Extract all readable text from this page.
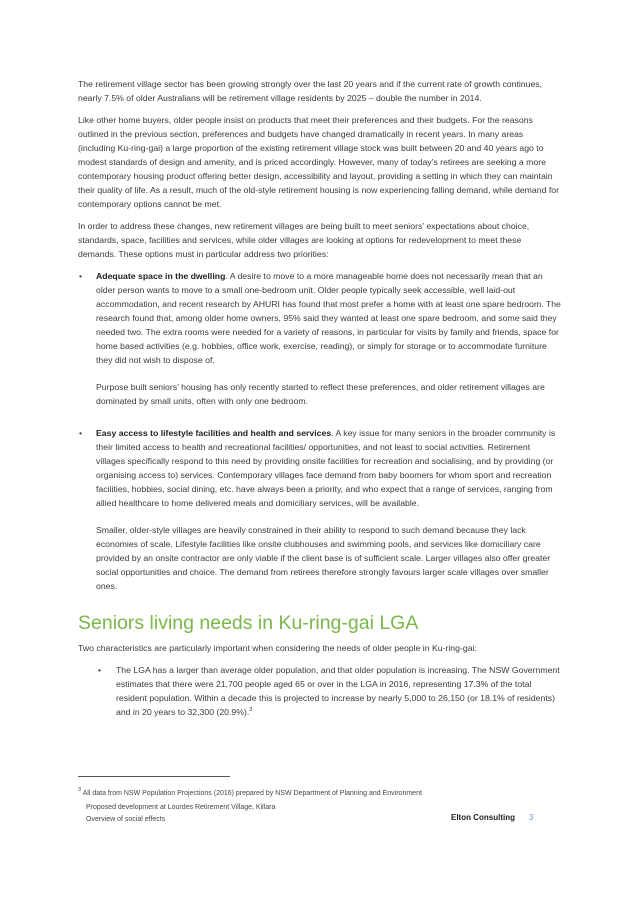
The retirement village sector has been growing strongly over the last 20 years and if the current rate of growth continues, nearly 7.5% of older Australians will be retirement village residents by 2025 – double the number in 2014.

Like other home buyers, older people insist on products that meet their preferences and their budgets. For the reasons outlined in the previous section, preferences and budgets have changed dramatically in recent years. In many areas (including Ku-ring-gai) a large proportion of the existing retirement village stock was built between 20 and 40 years ago to modest standards of design and amenity, and is priced accordingly. However, many of today’s retirees are seeking a more contemporary housing product offering better design, accessibility and layout, providing a setting in which they can maintain their quality of life. As a result, much of the old-style retirement housing is now experiencing falling demand, while demand for contemporary options cannot be met.

In order to address these changes, new retirement villages are being built to meet seniors’ expectations about choice, standards, space, facilities and services, while older villages are looking at options for redevelopment to meet these demands. These options must in particular address two priorities:

• Adequate space in the dwelling. A desire to move to a more manageable home does not necessarily mean that an older person wants to move to a small one-bedroom unit. Older people typically seek accessible, well laid-out accommodation, and recent research by AHURI has found that most prefer a home with at least one spare bedroom. The research found that, among older home owners, 95% said they wanted at least one spare bedroom, and some said they needed two. The extra rooms were needed for a variety of reasons, in particular for visits by family and friends, space for home based activities (e.g. hobbies, office work, exercise, reading), or simply for storage or to accommodate furniture they did not wish to dispose of.

Purpose built seniors’ housing has only recently started to reflect these preferences, and older retirement villages are dominated by small units, often with only one bedroom.

• Easy access to lifestyle facilities and health and services. A key issue for many seniors in the broader community is their limited access to health and recreational facilities/ opportunities, and not least to social activities. Retirement villages specifically respond to this need by providing onsite facilities for recreation and socialising, and by providing (or organising access to) services. Contemporary villages face demand from baby boomers for whom sport and recreation facilities, hobbies, social dining, etc. have always been a priority, and who expect that a range of services, ranging from allied healthcare to home delivered meals and domiciliary services, will be available.

Smaller, older-style villages are heavily constrained in their ability to respond to such demand because they lack economies of scale. Lifestyle facilities like onsite clubhouses and swimming pools, and services like domiciliary care provided by an onsite contractor are only viable if the client base is of sufficient scale. Larger villages also offer greater social opportunities and choice. The demand from retirees therefore strongly favours larger scale villages over smaller ones.

Seniors living needs in Ku-ring-gai LGA

Two characteristics are particularly important when considering the needs of older people in Ku-ring-gai:

• The LGA has a larger than average older population, and that older population is increasing. The NSW Government estimates that there were 21,700 people aged 65 or over in the LGA in 2016, representing 17.3% of the total resident population. Within a decade this is projected to increase by nearly 5,000 to 26,150 (or 18.1% of residents) and in 20 years to 32,300 (20.9%).$^3$

$^3$ All data from NSW Population Projections (2016) prepared by NSW Department of Planning and Environment
Proposed development at Lourdes Retirement Village, Killara
Overview of social effects	Elton Consulting 3
